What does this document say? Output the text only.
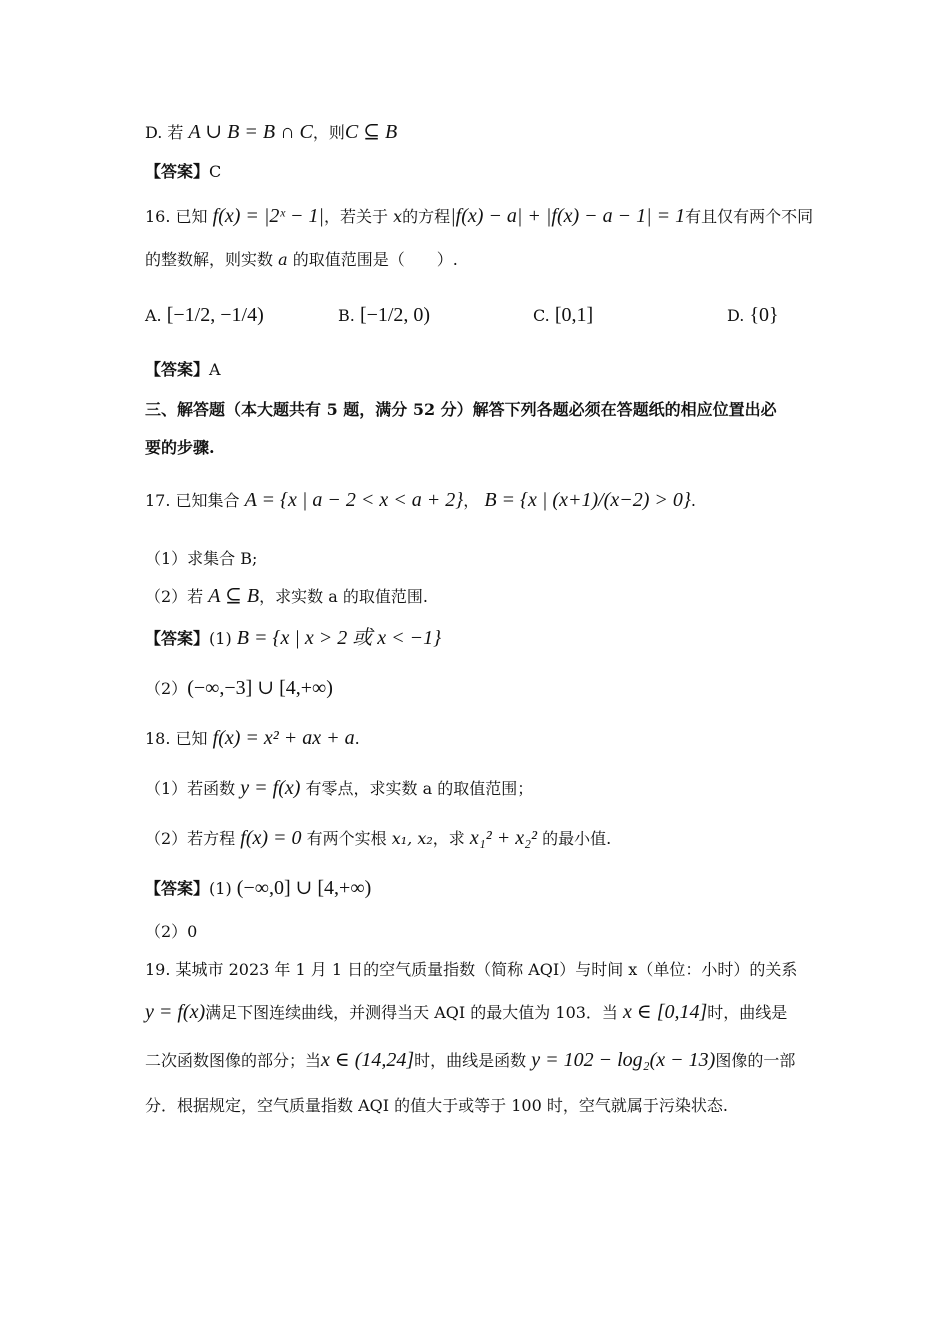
D. 若 A ∪ B = B ∩ C，则C ⊆ B
【答案】C
16. 已知 f(x) = |2ˣ − 1|，若关于 x的方程|f(x) − a| + |f(x) − a − 1| = 1有且仅有两个不同
的整数解，则实数 a 的取值范围是（　　）.
A. [−1/2, −1/4)	B. [−1/2, 0)	C. [0,1]	D. {0}
【答案】A
三、解答题（本大题共有 5 题，满分 52 分）解答下列各题必须在答题纸的相应位置出必
要的步骤.
17. 已知集合 A = {x | a − 2 < x < a + 2}， B = {x | (x+1)/(x−2) > 0}.
（1）求集合 B;
（2）若 A ⊆ B，求实数 a 的取值范围.
【答案】(1) B = {x | x > 2 或 x < −1}
（2）(−∞,−3] ∪ [4,+∞)
18. 已知 f(x) = x² + ax + a.
（1）若函数 y = f(x) 有零点，求实数 a 的取值范围；
（2）若方程 f(x) = 0 有两个实根 x₁, x₂，求 x₁² + x₂² 的最小值.
【答案】(1) (−∞,0] ∪ [4,+∞)
（2）0
19. 某城市 2023 年 1 月 1 日的空气质量指数（简称 AQI）与时间 x（单位：小时）的关系
y = f(x)满足下图连续曲线，并测得当天 AQI 的最大值为 103．当 x ∈ [0,14]时，曲线是
二次函数图像的部分；当x ∈ (14,24]时，曲线是函数 y = 102 − log₂(x − 13)图像的一部
分．根据规定，空气质量指数 AQI 的值大于或等于 100 时，空气就属于污染状态.
